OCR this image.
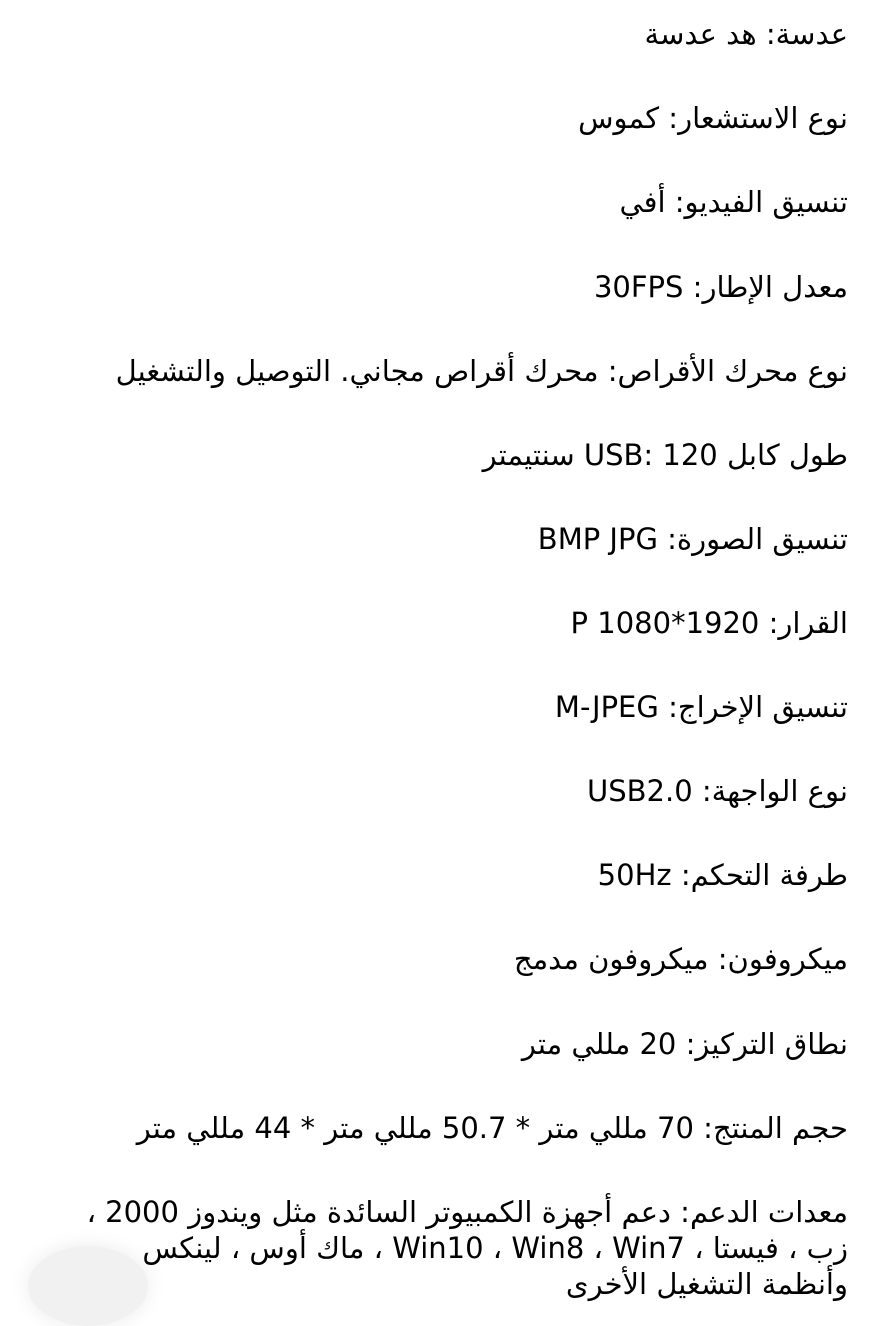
عدسة: هد عدسة
نوع الاستشعار: كموس
تنسيق الفيديو: أفي
معدل الإطار: 30FPS
نوع محرك الأقراص: محرك أقراص مجاني. التوصيل والتشغيل
طول كابل USB: 120 سنتيمتر
تنسيق الصورة: BMP JPG
القرار: 1920*1080 P
تنسيق الإخراج: M-JPEG
نوع الواجهة: USB2.0
طرفة التحكم: 50Hz
ميكروفون: ميكروفون مدمج
نطاق التركيز: 20 مللي متر
حجم المنتج: 70 مللي متر * 50.7 مللي متر * 44 مللي متر
معدات الدعم: دعم أجهزة الكمبيوتر السائدة مثل ويندوز 2000 ، زب ، فيستا ، Win10 ، Win8 ، Win7 ، ماك أوس ، لينكس وأنظمة التشغيل الأخرى
